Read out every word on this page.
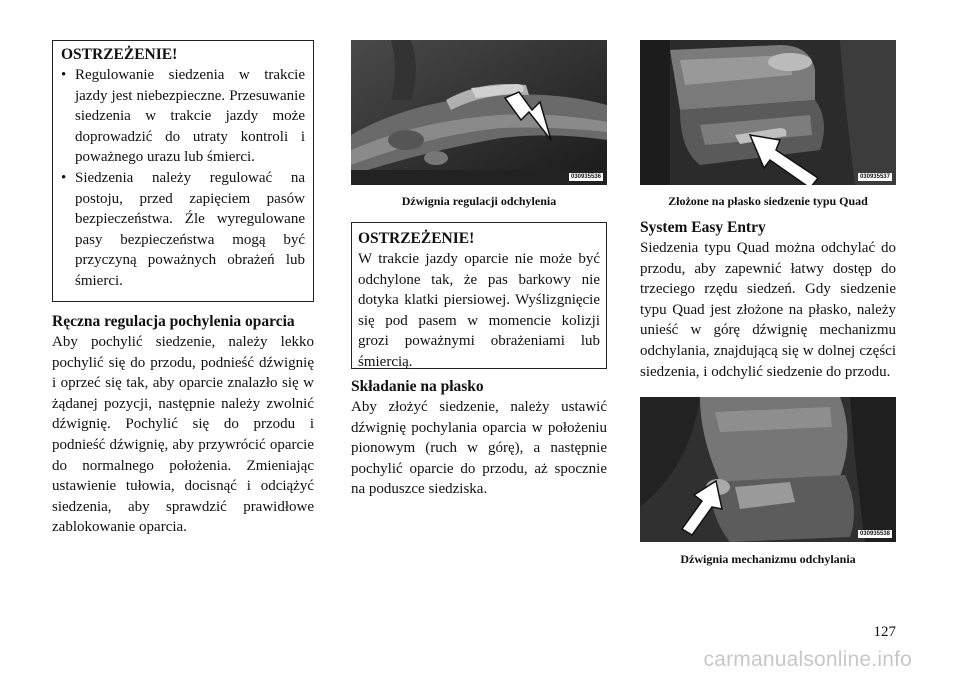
OSTRZEŻENIE!
• Regulowanie siedzenia w trakcie jazdy jest niebezpieczne. Przesuwanie siedzenia w trakcie jazdy może doprowadzić do utraty kontroli i poważnego urazu lub śmierci.
• Siedzenia należy regulować na postoju, przed zapięciem pasów bezpieczeństwa. Źle wyregulowane pasy bezpieczeństwa mogą być przyczyną poważnych obrażeń lub śmierci.
Ręczna regulacja pochylenia oparcia

Aby pochylić siedzenie, należy lekko pochylić się do przodu, podnieść dźwignię i oprzeć się tak, aby oparcie znalazło się w żądanej pozycji, następnie należy zwolnić dźwignię. Pochylić się do przodu i podnieść dźwignię, aby przywrócić oparcie do normalnego położenia. Zmieniając ustawienie tułowia, docisnąć i odciążyć siedzenia, aby sprawdzić prawidłowe zablokowanie oparcia.

030935536
Dźwignia regulacji odchylenia
OSTRZEŻENIE!

W trakcie jazdy oparcie nie może być odchylone tak, że pas barkowy nie dotyka klatki piersiowej. Wyślizgnięcie się pod pasem w momencie kolizji grozi poważnymi obrażeniami lub śmiercią.

Składanie na płasko

Aby złożyć siedzenie, należy ustawić dźwignię pochylania oparcia w położeniu pionowym (ruch w górę), a następnie pochylić oparcie do przodu, aż spocznie na poduszce siedziska.

030935537
Złożone na płasko siedzenie typu Quad
System Easy Entry

Siedzenia typu Quad można odchylać do przodu, aby zapewnić łatwy dostęp do trzeciego rzędu siedzeń. Gdy siedzenie typu Quad jest złożone na płasko, należy unieść w górę dźwignię mechanizmu odchylania, znajdującą się w dolnej części siedzenia, i odchylić siedzenie do przodu.

030935538
Dźwignia mechanizmu odchylania
127
carmanualsonline.info
